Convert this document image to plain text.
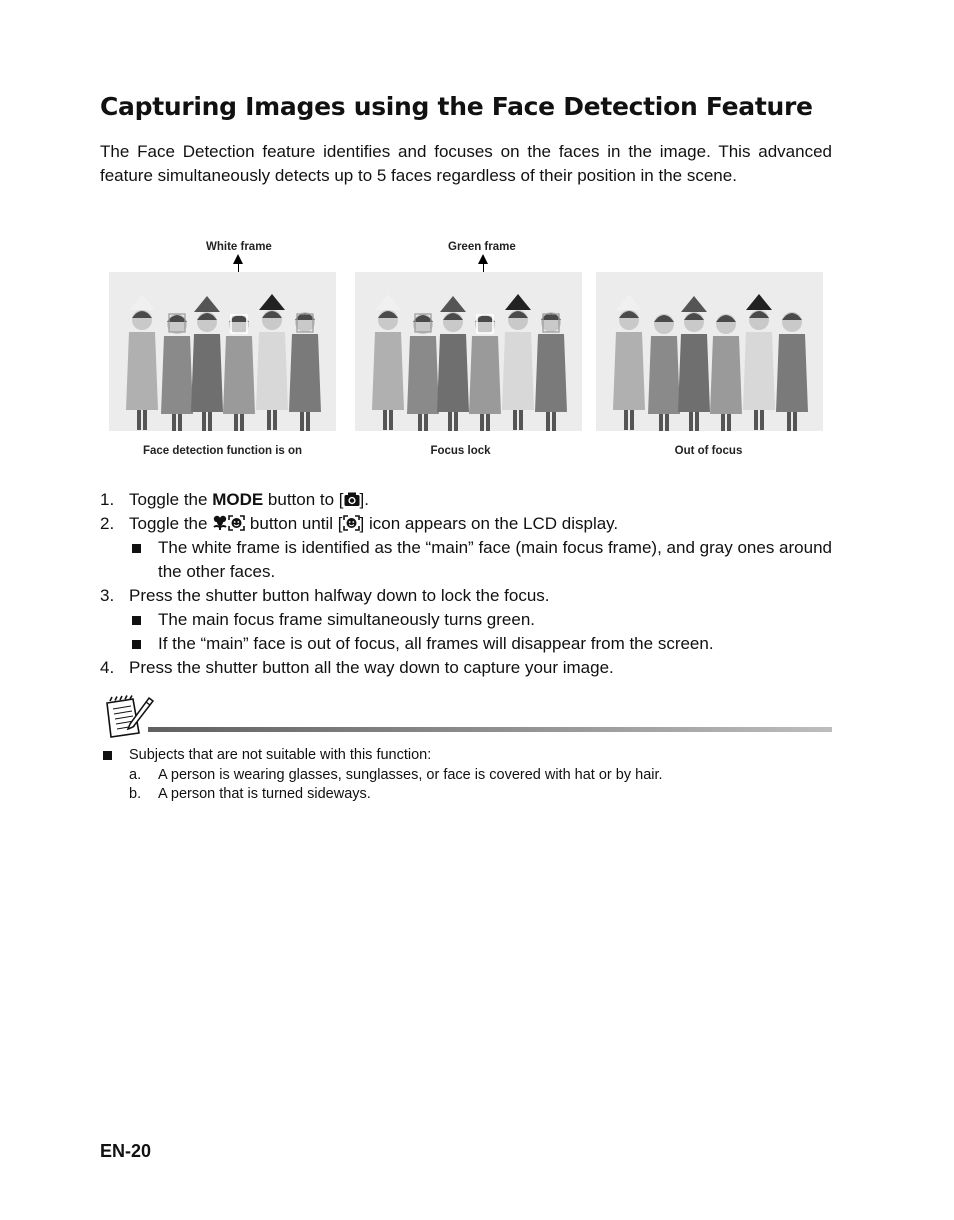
Capturing Images using the Face Detection Feature

The Face Detection feature identifies and focuses on the faces in the image. This advanced feature simultaneously detects up to 5 faces regardless of their position in the scene.

White frame	Green frame
Face detection function is on	Focus lock	Out of focus
1. Toggle the MODE button to [ ].
2. Toggle the  button until [ ] icon appears on the LCD display.
The white frame is identified as the “main” face (main focus frame), and gray ones around the other faces.
3. Press the shutter button halfway down to lock the focus.
The main focus frame simultaneously turns green.
If the “main” face is out of focus, all frames will disappear from the screen.
4. Press the shutter button all the way down to capture your image.
Subjects that are not suitable with this function:
a.	A person is wearing glasses, sunglasses, or face is covered with hat or by hair.
b.	A person that is turned sideways.
EN-20
